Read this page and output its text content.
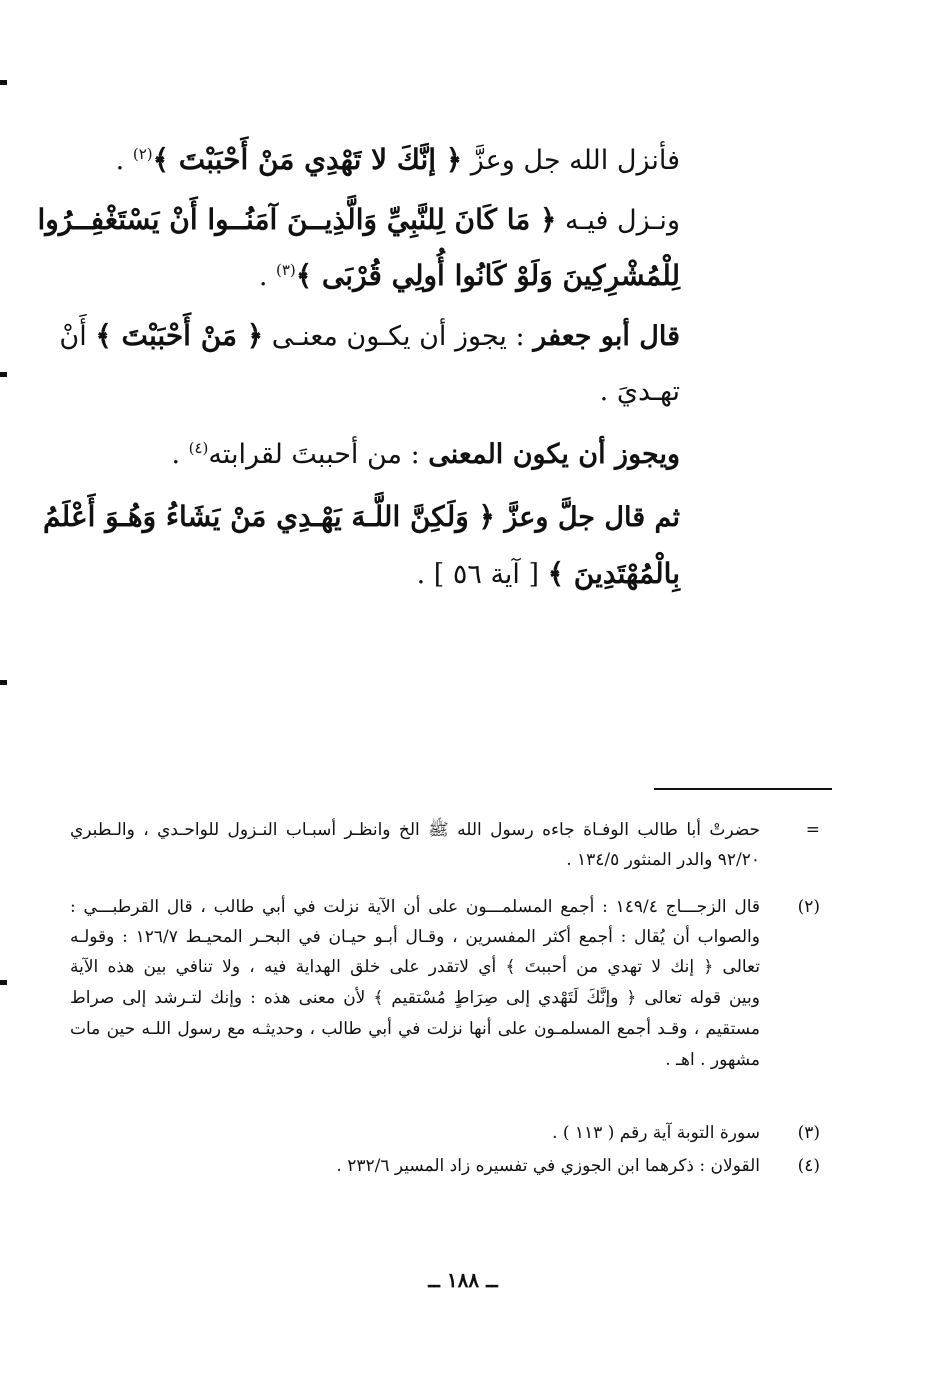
فأنزل الله جل وعزَّ ﴿ إنَّكَ لا تَهْدِي مَنْ أَحْبَبْتَ ﴾$^{(٢)}$ .
ونـزل فيـه ﴿ مَا كَانَ لِلنَّبِيِّ وَالَّذِيــنَ آمَنُــوا أَنْ يَسْتَغْفِــرُوا
لِلْمُشْرِكِينَ وَلَوْ كَانُوا أُولِي قُرْبَى ﴾$^{(٣)}$ .
قال أبو جعفر : يجوز أن يكـون معنـى ﴿ مَنْ أَحْبَبْتَ ﴾ أَنْ
تهـديَ .
ويجوز أن يكون المعنى : من أحببتَ لقرابته$^{(٤)}$ .
ثم قال جلَّ وعزَّ ﴿ وَلَكِنَّ اللَّـهَ يَهْـدِي مَنْ يَشَاءُ وَهُـوَ أَعْلَمُ
بِالْمُهْتَدِينَ ﴾ [ آية ٥٦ ] .
=
حضرتْ أبا طالب الوفـاة جاءه رسول الله ﷺ الخ وانظـر أسبـاب النـزول للواحـدي ، والـطبري
٩٢/٢٠ والدر المنثور ١٣٤/٥ .
(٢)
قال الزجـــاج ١٤٩/٤ : أجمع المسلمـــون على أن الآية نزلت في أبي طالب ، قال القرطبـــي :
والصواب أن يُقال : أجمع أكثر المفسرين ، وقـال أبـو حيـان في البحـر المحيـط ١٢٦/٧ : وقولـه
تعالى ﴿ إنك لا تهدي من أحببتَ ﴾ أي لاتقدر على خلق الهداية فيه ، ولا تنافي بين هذه الآية
وبين قوله تعالى ﴿ وإنَّكَ لَتَهْدي إلى صِرَاطٍ مُسْتقيم ﴾ لأن معنى هذه : وإنك لتـرشد إلى صراط
مستقيم ، وقـد أجمع المسلمـون على أنها نزلت في أبي طالب ، وحديثـه مع رسول اللـه حين مات
مشهور . اهـ .
(٣)
سورة التوبة آية رقم ( ١١٣ ) .
(٤)
القولان : ذكرهما ابن الجوزي في تفسيره زاد المسير ٢٣٢/٦ .
ــ ١٨٨ ــ
